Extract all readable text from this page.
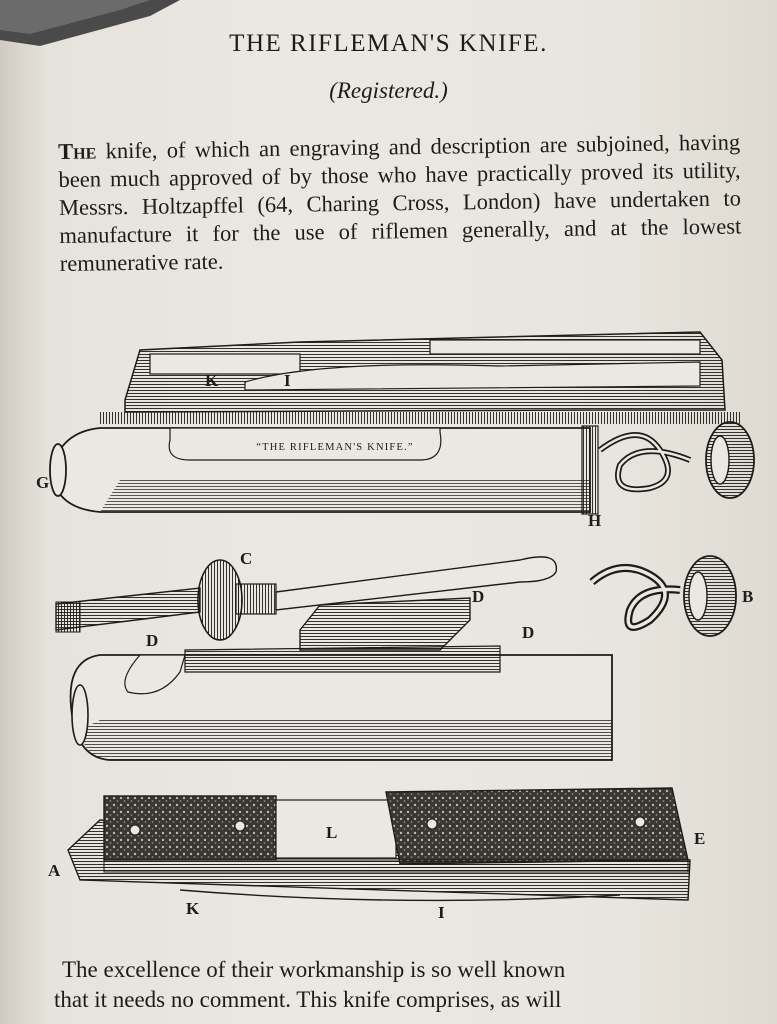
THE RIFLEMAN'S KNIFE.
(Registered.)
The knife, of which an engraving and description are subjoined, having been much approved of by those who have practically proved its utility, Messrs. Holtzapffel (64, Charing Cross, London) have undertaken to manufacture it for the use of riflemen generally, and at the lowest remunerative rate.
“THE RIFLEMAN'S KNIFE.”
G
K	I
H
C
B
D
D	D
L	E
A
K	I
The excellence of their workmanship is so well known

that it needs no comment. This knife comprises, as will
